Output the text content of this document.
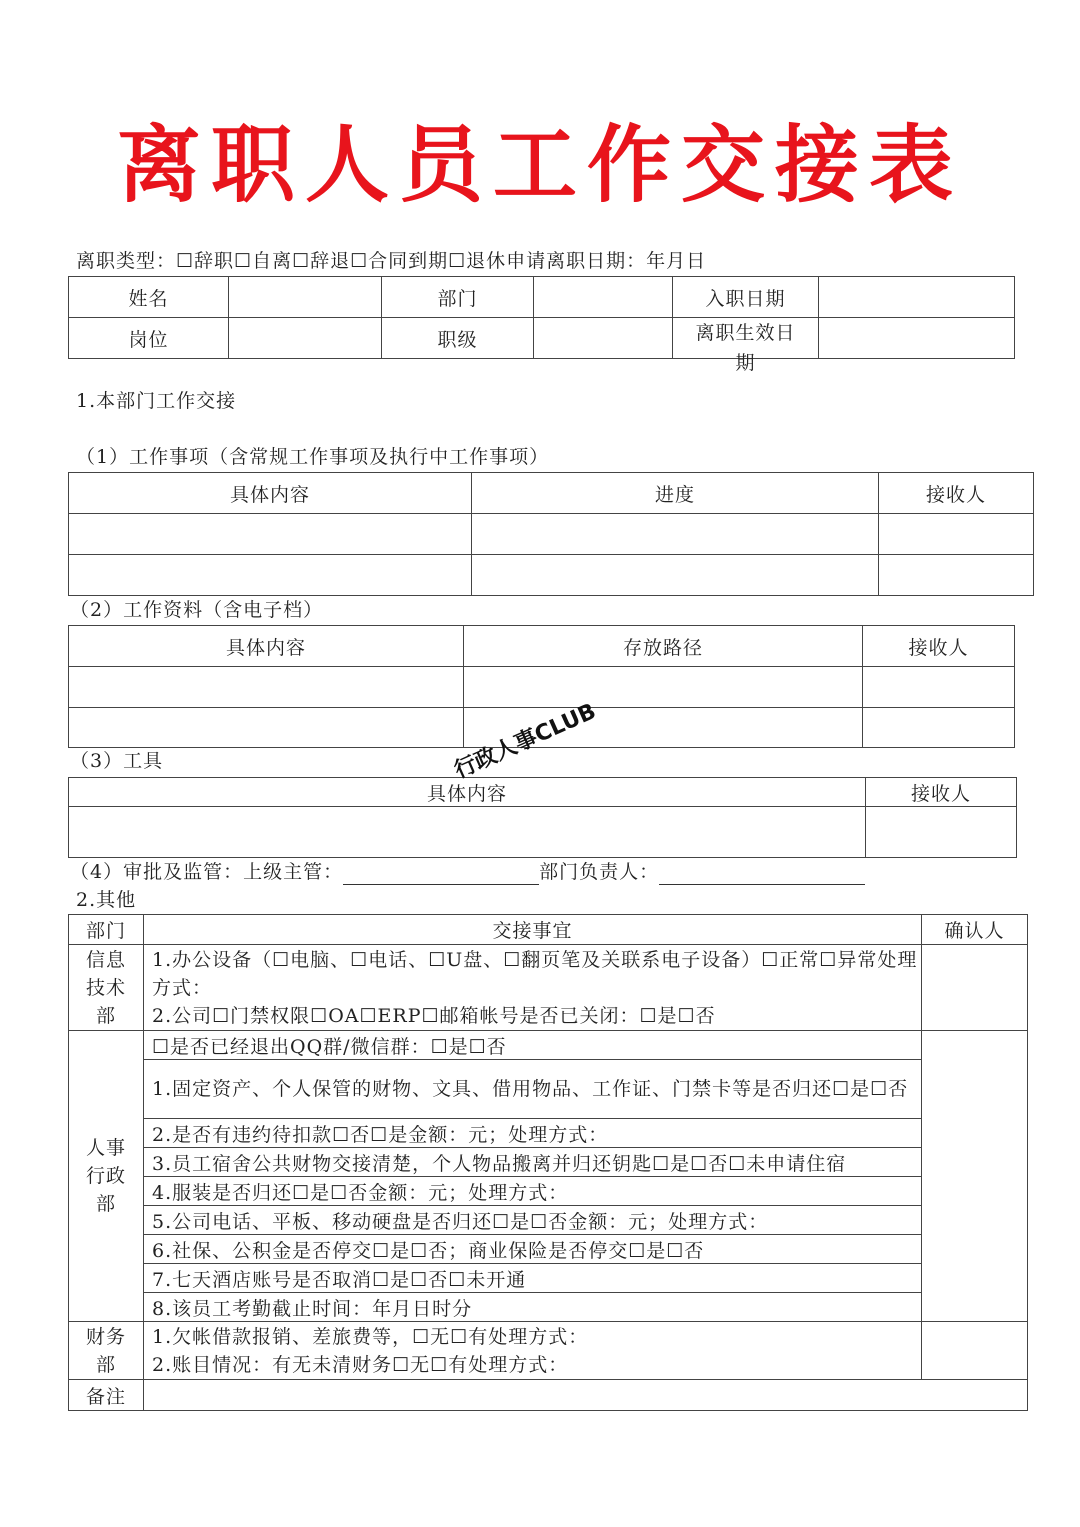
离职人员工作交接表
离职类型：☐辞职☐自离☐辞退☐合同到期☐退休申请离职日期：年月日
姓名		部门		入职日期	
岗位		职级		离职生效日期	

1.本部门工作交接
（1）工作事项（含常规工作事项及执行中工作事项）
具体内容	进度	接收人

（2）工作资料（含电子档）
具体内容	存放路径	接收人

（3）工具
具体内容	接收人

行政人事CLUB
（4）审批及监管：上级主管：	部门负责人：
2.其他
部门	交接事宜	确认人
信息技术部	1.办公设备（☐电脑、☐电话、☐U盘、☐翻页笔及关联系电子设备）☐正常☐异常处理方式：
2.公司☐门禁权限☐OA☐ERP☐邮箱帐号是否已关闭：☐是☐否	

人事行政部	☐是否已经退出QQ群/微信群：☐是☐否	
	1.固定资产、个人保管的财物、文具、借用物品、工作证、门禁卡等是否归还☐是☐否	
	2.是否有违约待扣款☐否☐是金额：元；处理方式：	
	3.员工宿舍公共财物交接清楚，个人物品搬离并归还钥匙☐是☐否☐未申请住宿	
	4.服装是否归还☐是☐否金额：元；处理方式：	
	5.公司电话、平板、移动硬盘是否归还☐是☐否金额：元；处理方式：	
	6.社保、公积金是否停交☐是☐否；商业保险是否停交☐是☐否	
	7.七天酒店账号是否取消☐是☐否☐未开通	
	8.该员工考勤截止时间：年月日时分	
财务部	1.欠帐借款报销、差旅费等，☐无☐有处理方式：
2.账目情况：有无未清财务☐无☐有处理方式：	

备注		
